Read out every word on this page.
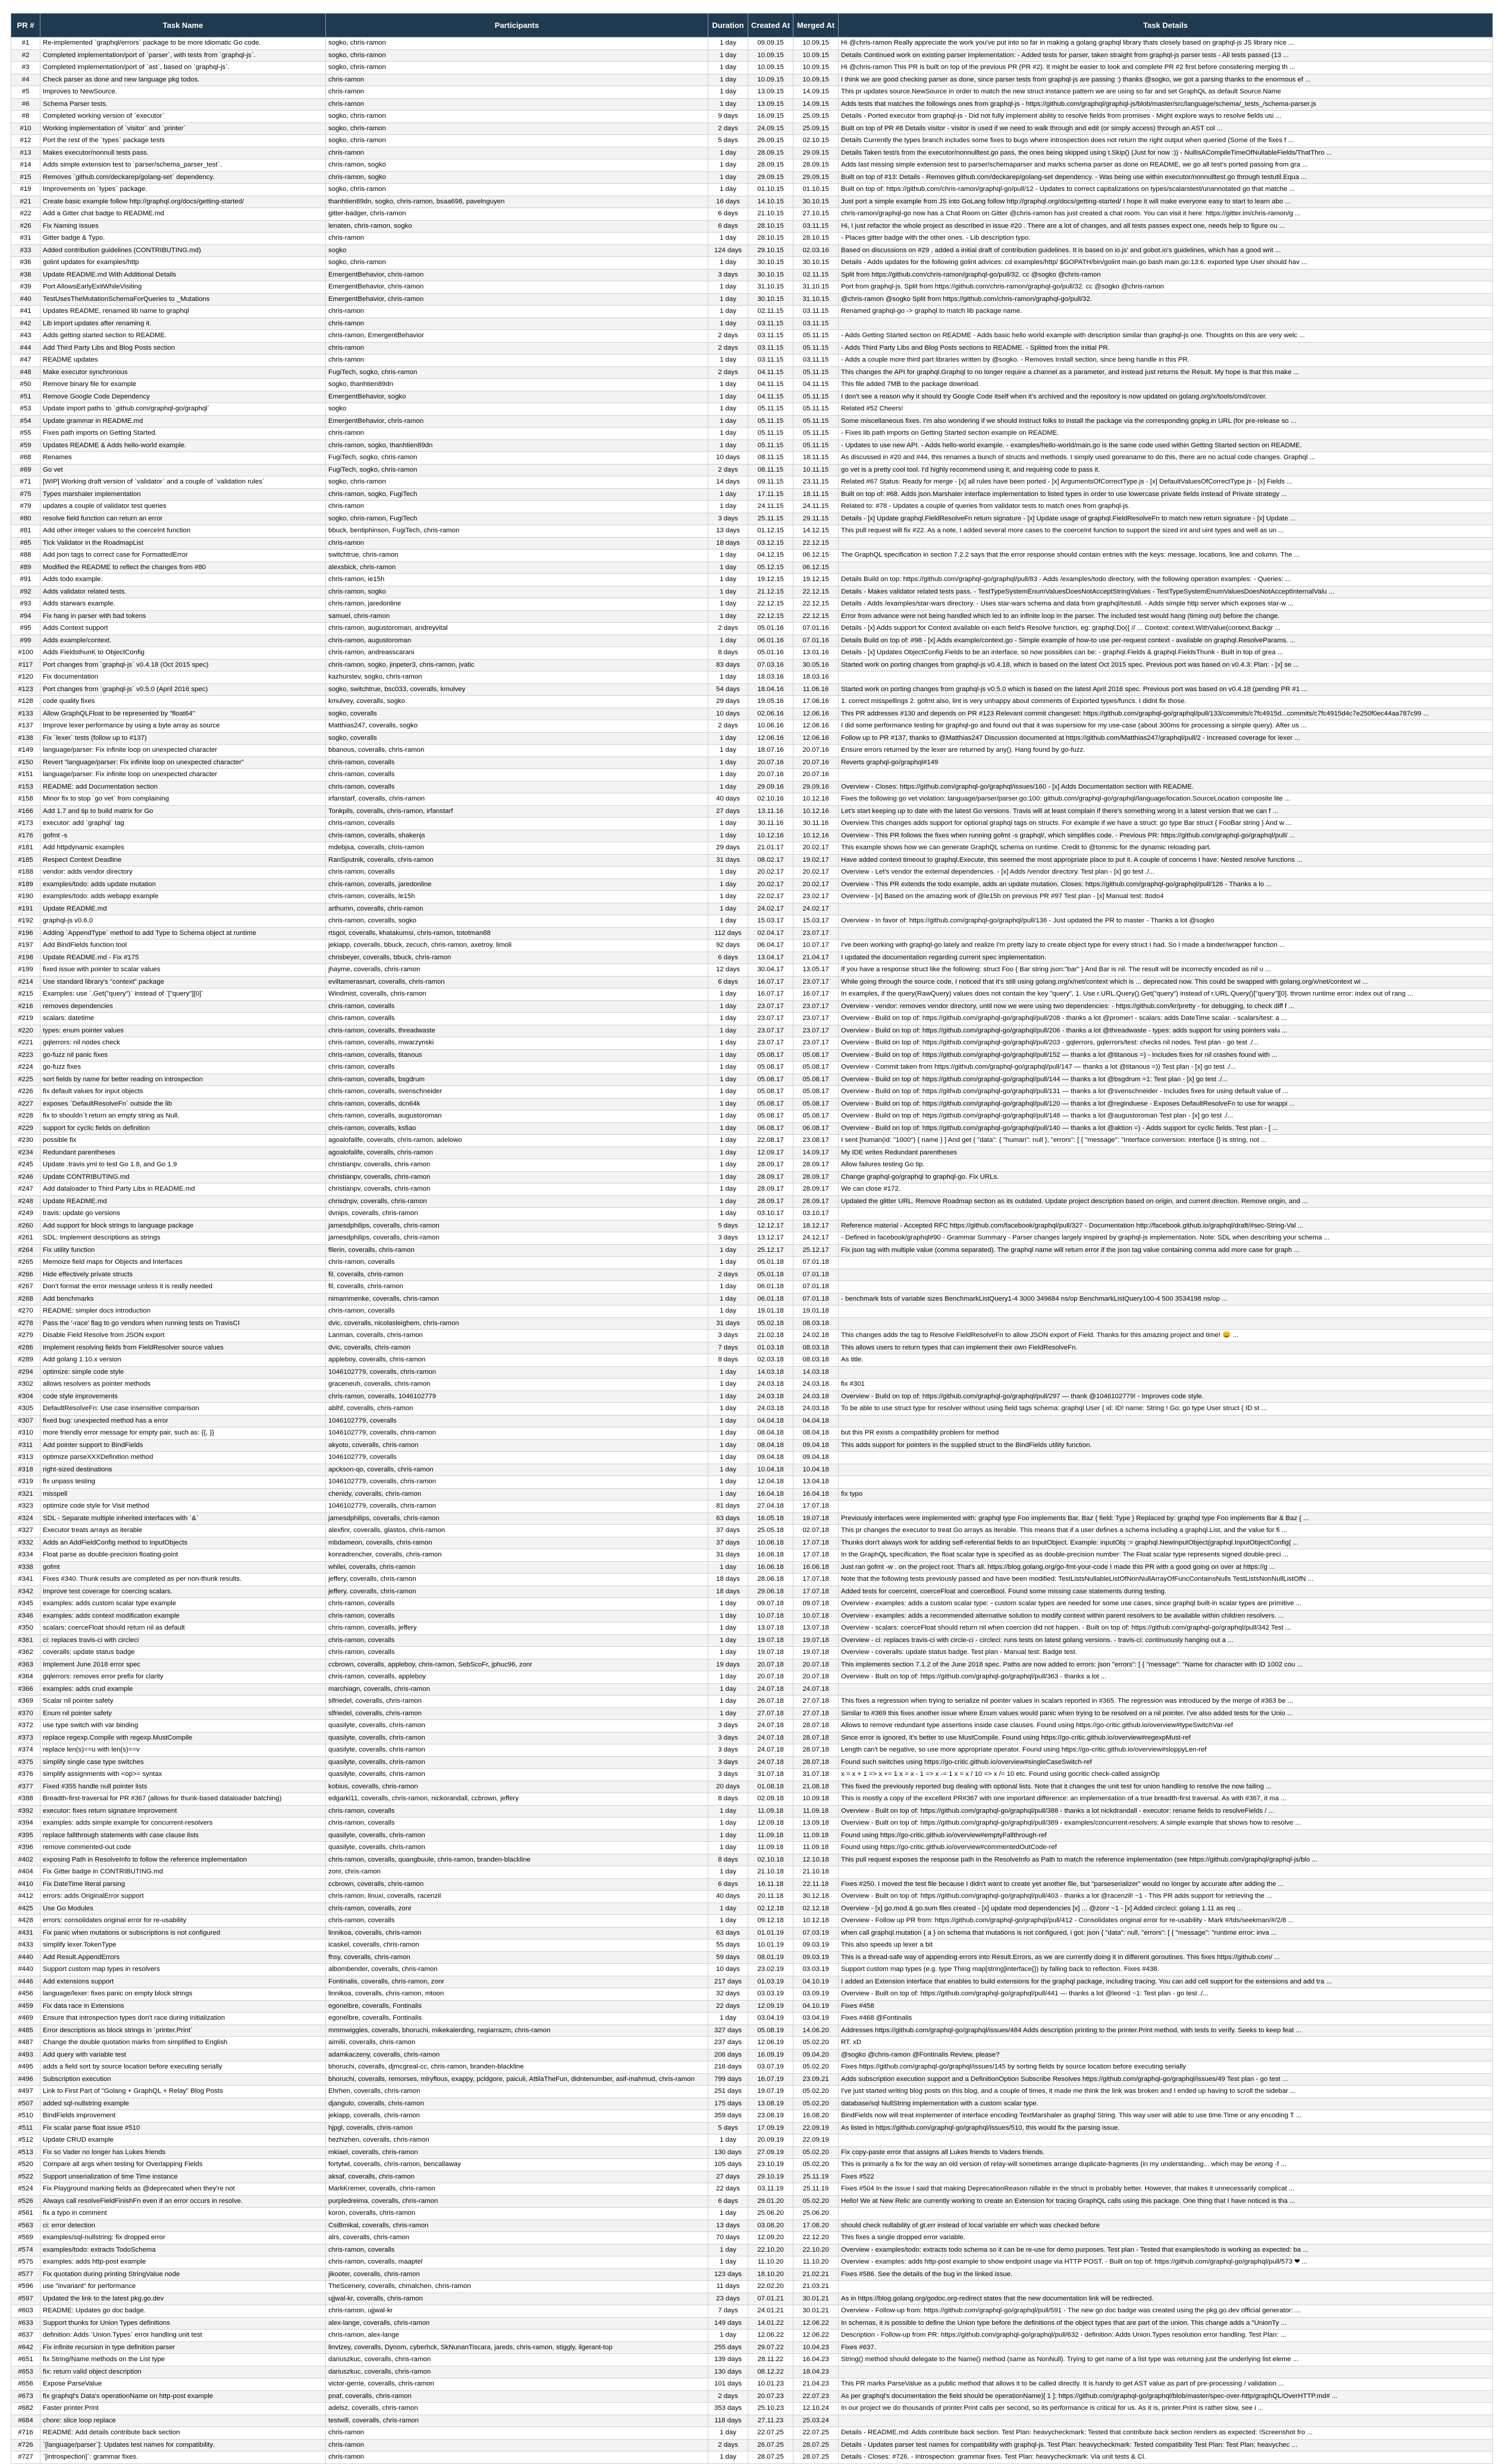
PR #	Task Name	Participants	Duration	Created At	Merged At	Task Details
#1	Re-implemented `graphql/errors` package to be more idiomatic Go code.	sogko, chris-ramon	1 day	09.09.15	10.09.15	Hi @chris-ramon Really appreciate the work you've put into so far in making a golang graphql library thats closely based on graphql-js JS library nice ...
#2	Completed implementation/port of `parser`, with tests from `graphql-js`.	sogko, chris-ramon	1 day	10.09.15	10.09.15	Details Continued work on existing parser implementation: - Added tests for parser, taken straight from graphql-js parser tests - All tests passed (13 ...
#3	Completed implementation/port of `ast`, based on `graphql-js`.	sogko, chris-ramon	1 day	10.09.15	10.09.15	Hi @chris-ramon This PR is built on top of the previous PR (PR #2). It might be easier to look and complete PR #2 first before considering merging th ...
#4	Check parser as done and new language pkg todos.	chris-ramon	1 day	10.09.15	10.09.15	I think we are good checking parser as done, since parser tests from graphql-js are passing :) thanks @sogko, we got a parsing thanks to the enormous ef ...
#5	Improves to NewSource.	chris-ramon	1 day	13.09.15	14.09.15	This pr updates source.NewSource in order to match the new struct instance pattern we are using so far and set GraphQL as default Source.Name
#6	Schema Parser tests.	chris-ramon	1 day	13.09.15	14.09.15	Adds tests that matches the followings ones from graphql-js - https://github.com/graphql/graphql-js/blob/master/src/language/schema/_tests_/schema-parser.js
#8	Completed working version of `executor`	sogko, chris-ramon	9 days	16.09.15	25.09.15	Details - Ported executor from graphql-js - Did not fully implement ability to resolve fields from promises - Might explore ways to resolve fields usi ...
#10	Working implementation of `visitor` and `printer`	sogko, chris-ramon	2 days	24.09.15	25.09.15	Built on top of PR #8 Details visitor - visitor is used if we need to walk through and edit (or simply access) through an AST col ...
#12	Port the rest of the `types` package tests	sogko, chris-ramon	5 days	26.09.15	02.10.15	Details Currently the types branch includes some fixes to bugs where introspection does not return the right output when queried (Some of the fixes f ...
#13	Makes executor/nonnull tests pass.	chris-ramon	1 day	28.09.15	29.09.15	Details Taken test/s from the executor/nonnulltest.go pass, the ones being skipped using t.Skip() (Just for now :)) - NullIsACompileTimeOfNullableFields/ThatThro ...
#14	Adds simple extension test to `parser/schema_parser_test`.	chris-ramon, sogko	1 day	28.09.15	28.09.15	Adds last missing simple extension test to parser/schemaparser and marks schema parser as done on README, we go all test's ported passing from gra ...
#15	Removes `github.com/deckarep/golang-set` dependency.	chris-ramon, sogko	1 day	29.09.15	29.09.15	Built on top of #13: Details - Removes github.com/deckarep/golang-set dependency. - Was being use within executor/nonnulltest.go through testutil.Equa ...
#19	Improvements on `types` package.	sogko, chris-ramon	1 day	01.10.15	01.10.15	Built on top of: https://github.com/chris-ramon/graphql-go/pull/12 - Updates to correct capitalizations on types/scalarstest/unannotated go that matche ...
#21	Create basic example follow http://graphql.org/docs/getting-started/	thanhtien89dn, sogko, chris-ramon, bsaa698, pavelnguyen	16 days	14.10.15	30.10.15	Just port a simple example from JS into GoLang follow http://graphql.org/docs/getting-started/ I hope it will make everyone easy to start to learn abo ...
#22	Add a Gitter chat badge to README.md	gitter-badger, chris-ramon	6 days	21.10.15	27.10.15	chris-ramon/graphql-go now has a Chat Room on Gitter @chris-ramon has just created a chat room. You can visit it here: https://gitter.im/chris-ramon/g ...
#26	Fix Naming Issues	lenaten, chris-ramon, sogko	6 days	28.10.15	03.11.15	Hi, I just refactor the whole project as described in issue #20 . There are a lot of changes, and all tests passes expect one, needs help to figure ou ...
#31	Gitter badge & Typo.	chris-ramon	1 day	28.10.15	28.10.15	- Places gitter badge with the other ones. - Lib description typo.
#33	Added contribution guidelines (CONTRIBUTING.md)	sogko	124 days	29.10.15	02.03.16	Based on discussions on #29 , added a initial draft of contribution guidelines. It is based on io.js' and gobot.io's guidelines, which has a good writ ...
#36	golint updates for examples/http	sogko, chris-ramon	1 day	30.10.15	30.10.15	Details - Adds updates for the following golint advices: cd examples/http/ $GOPATH/bin/golint main.go bash main.go:13:6: exported type User should hav ...
#38	Update README.md With Additional Details	EmergentBehavior, chris-ramon	3 days	30.10.15	02.11.15	Split from https://github.com/chris-ramon/graphql-go/pull/32. cc @sogko @chris-ramon
#39	Port AllowsEarlyExitWhileVisiting	EmergentBehavior, chris-ramon	1 day	31.10.15	31.10.15	Port from graphql-js. Split from https://github.com/chris-ramon/graphql-go/pull/32. cc @sogko @chris-ramon
#40	TestUsesTheMutationSchemaForQueries to _Mutations	EmergentBehavior, chris-ramon	1 day	30.10.15	31.10.15	@chris-ramon @sogko Split from https://github.com/chris-ramon/graphql-go/pull/32.
#41	Updates README, renamed lib name to graphql	chris-ramon	1 day	02.11.15	03.11.15	Renamed graphql-go -> graphql to match lib package name.
#42	Lib import updates after renaming it.	chris-ramon	1 day	03.11.15	03.11.15	
#43	Adds getting started section to README.	chris-ramon, EmergentBehavior	2 days	03.11.15	05.11.15	- Adds Getting Started section on README - Adds basic hello world example with description similar than graphql-js one. Thoughts on this are very welc ...
#44	Add Third Party Libs and Blog Posts section	chris-ramon	2 days	03.11.15	05.11.15	- Adds Third Party Libs and Blog Posts sections to README. - Splitted from the initial PR.
#47	README updates	chris-ramon	1 day	03.11.15	03.11.15	- Adds a couple more third part libraries written by @sogko. - Removes Install section, since being handle in this PR.
#48	Make executor synchronous	FugiTech, sogko, chris-ramon	2 days	04.11.15	05.11.15	This changes the API for graphql.Graphql to no longer require a channel as a parameter, and instead just returns the Result. My hope is that this make ...
#50	Remove binary file for example	sogko, thanhtien89dn	1 day	04.11.15	04.11.15	This file added 7MB to the package download.
#51	Remove Google Code Dependency	EmergentBehavior, sogko	1 day	04.11.15	05.11.15	I don't see a reason why it should try Google Code itself when it's archived and the repository is now updated on golang.org/x/tools/cmd/cover.
#53	Update import paths to `github.com/graphql-go/graphql`	sogko	1 day	05.11.15	05.11.15	Related #52 Cheers!
#54	Update grammar in README.md	EmergentBehavior, chris-ramon	1 day	05.11.15	05.11.15	Some miscellaneous fixes. I'm also wondering if we should instruct folks to install the package via the corresponding gopkg.in URL (for pre-release so ...
#55	Fixes path imports on Getting Started.	chris-ramon	1 day	05.11.15	05.11.15	- Fixes lib path imports on Getting Started section example on README.
#59	Updates README & Adds hello-world example.	chris-ramon, sogko, thanhtien89dn	1 day	05.11.15	05.11.15	- Updates to use new API. - Adds hello-world example. - examples/hello-world/main.go is the same code used within Getting Started section on README.
#68	Renames	FugiTech, sogko, chris-ramon	10 days	08.11.15	18.11.15	As discussed in #20 and #44, this renames a bunch of structs and methods. I simply used goreaname to do this, there are no actual code changes. Graphql ...
#69	Go vet	FugiTech, sogko, chris-ramon	2 days	08.11.15	10.11.15	go vet is a pretty cool tool. I'd highly recommend using it, and requiring code to pass it.
#71	[WIP] Working draft version of `validator` and a couple of `validation rules`	sogko, chris-ramon	14 days	09.11.15	23.11.15	Related #67 Status: Ready for merge - [x] all rules have been ported - [x] ArgumentsOfCorrectType.js - [x] DefaultValuesOfCorrectType.js - [x] Fields ...
#75	Types marshaler implementation	chris-ramon, sogko, FugiTech	1 day	17.11.15	18.11.15	Built on top of: #68. Adds json.Marshaler interface implementation to listed types in order to use lowercase private fields instead of Private strategy ...
#79	updates a couple of validator test queries	chris-ramon	1 day	24.11.15	24.11.15	Related to: #78 - Updates a couple of queries from validator tests to match ones from graphql-js.
#80	resolve field function can return an error	sogko, chris-ramon, FugiTech	3 days	25.11.15	29.11.15	Details - [x] Update graphql.FieldResolveFn return signature - [x] Update usage of graphql.FieldResolveFn to match new return signature - [x] Update ...
#81	Add other integer values to the coerceInt function	bbuck, bentiphinson, FugiTech, chris-ramon	13 days	01.12.15	14.12.15	This pull request will fix #22. As a note, I added several more cases to the coerceInt function to support the sized int and uint types and well as un ...
#85	Tick Validator in the RoadmapList	chris-ramon	18 days	03.12.15	22.12.15	
#88	Add json tags to correct case for FormattedError	switchtrue, chris-ramon	1 day	04.12.15	06.12.15	The GraphQL specification in section 7.2.2 says that the error response should contain entries with the keys: message, locations, line and column. The ...
#89	Modified the README to reflect the changes from #80	alexsbick, chris-ramon	1 day	05.12.15	06.12.15	
#91	Adds todo example.	chris-ramon, ie15h	1 day	19.12.15	19.12.15	Details Build on top: https://github.com/graphql-go/graphql/pull/83 - Adds /examples/todo directory, with the following operation examples: - Queries: ...
#92	Adds validator related tests.	chris-ramon, sogko	1 day	21.12.15	22.12.15	Details - Makes validator related tests pass. - TestTypeSystemEnumValuesDoesNotAcceptStringValues - TestTypeSystemEnumValuesDoesNotAcceptInternalValu ...
#93	Adds starwars example.	chris-ramon, jaredonline	1 day	22.12.15	22.12.15	Details - Adds /examples/star-wars directory. - Uses star-wars schema and data from graphql/testutil. - Adds simple http server which exposes star-w ...
#94	Fix hang in parser with bad tokens	samuel, chris-ramon	1 day	22.12.15	22.12.15	Error from advance were not being handled which led to an infinite loop in the parser. The included test would hang (timing out) before the change.
#95	Adds Context support	chris-ramon, augustoroman, andreyvital	2 days	05.01.16	07.01.16	Details - [x] Adds support for Context available on each field's Resolve function, eg: graphql.Do({ // ... Context: context.WithValue(context.Backgr ...
#99	Adds example/context.	chris-ramon, augustoroman	1 day	06.01.16	07.01.16	Details Build on top of: #98 - [x] Adds example/context.go - Simple example of how-to use per-request context - available on graphql.ResolveParams. ...
#100	Adds FieldsthunK to ObjectConfig	chris-ramon, andreasscarani	8 days	05.01.16	13.01.16	Details - [x] Updates ObjectConfig.Fields to be an interface, so now possibles can be: - graphql.Fields & graphql.FieldsThunk - Built in top of grea ...
#117	Port changes from `graphql-js` v0.4.18 (Oct 2015 spec)	chris-ramon, sogko, jinpeter3, chris-ramon, jvatic	83 days	07.03.16	30.05.16	Started work on porting changes from graphql-js v0.4.18, which is based on the latest Oct 2015 spec. Previous port was based on v0.4.3: Plan: - [x] se ...
#120	Fix documentation	kazhurstev, sogko, chris-ramon	1 day	18.03.16	18.03.16	
#123	Port changes from `graphql-js` v0.5.0 (April 2016 spec)	sogko, switchtrue, bsc033, coveralls, kmulvey	54 days	18.04.16	11.06.16	Started work on porting changes from graphql-js v0.5.0 which is based on the latest April 2016 spec. Previous port was based on v0.4.18 (pending PR #1 ...
#128	code quality fixes	kmulvey, coveralls, sogko	29 days	19.05.16	17.06.16	1. correct misspellings 2. gofmt also, lint is very unhappy about comments of Exported types/funcs. I didnt fix those.
#133	Allow GraphQLFloat to be represented by "float64"	sogko, coveralls	10 days	02.06.16	12.06.16	This PR addresses #130 and depends on PR #123 Relevant commit changeset: https://github.com/graphql-go/graphql/pull/133/commits/c7fc4915d...commits/c7fc4915d4c7e250f0ec44aa787c99 ...
#137	Improve lexer performance by using a byte array as source	Matthias247, coveralls, sogko	2 days	10.06.16	12.06.16	I did some performance testing for graphql-go and found out that it was supersiow for my use-case (about 300ms for processing a simple query). After us ...
#138	Fix `lexer` tests (follow up to #137)	sogko, coveralls	1 day	12.06.16	12.06.16	Follow up to PR #137, thanks to @Matthias247 Discussion documented at https://github.com/Matthias247/graphql/pull/2 - Increased coverage for lexer ...
#149	language/parser: Fix infinite loop on unexpected character	bbanous, coveralls, chris-ramon	1 day	18.07.16	20.07.16	Ensure errors returned by the lexer are returned by any(). Hang found by go-fuzz.
#150	Revert "language/parser: Fix infinite loop on unexpected character"	chris-ramon, coveralls	1 day	20.07.16	20.07.16	Reverts graphql-go/graphql#149
#151	language/parser: Fix infinite loop on unexpected character	chris-ramon, coveralls	1 day	20.07.16	20.07.16	
#153	README: add Documentation section	chris-ramon, coveralls	1 day	29.09.16	29.09.16	Overview - Closes: https://github.com/graphql-go/graphql/issues/160 - [x] Adds Documentation section with README.
#158	Minor fix to stop `go vet` from complaining	irfanstarf, coveralls, chris-ramon	40 days	02.10.16	10.12.16	Fixes the following go vet violation: language/parser/parser.go:100: github.com/graphql-go/graphql/language/location.SourceLocation composite lite ...
#166	Add 1.7 and tip to build matrix for Go	Tonkpils, coveralls, chris-ramon, irfanstarf	27 days	13.11.16	10.12.16	Let's start keeping up to date with the latest Go versions. Travis will at least complain if there's something wrong in a latest version that we can f ...
#173	executor: add `graphql` tag	chris-ramon, coveralls	1 day	30.11.16	30.11.16	Overview This changes adds support for optional graphql tags on structs. For example if we have a struct: go type Bar struct { FooBar string } And w ...
#176	gofmt -s	chris-ramon, coveralls, shakenjs	1 day	10.12.16	10.12.16	Overview - This PR follows the fixes when running gofmt -s graphql/, which simplifies code. - Previous PR: https://github.com/graphql-go/graphql/pull/ ...
#181	Add httpdynamic examples	mdebjsa, coveralls, chris-ramon	29 days	21.01.17	20.02.17	This example shows how we can generate GraphQL schema on runtime. Credit to @tommic for the dynamic reloading part.
#185	Respect Context Deadline	RanSputnik, coveralls, chris-ramon	31 days	08.02.17	19.02.17	Have added context timeout to graphql.Execute, this seemed the most appropriate place to put it. A couple of concerns I have: Nested resolve functions ...
#188	vendor: adds vendor directory	chris-ramon, coveralls	1 day	20.02.17	20.02.17	Overview - Let's vendor the external dependencies. - [x] Adds /vendor directory. Test plan - [x] go test ./...
#189	examples/todo: adds update mutation	chris-ramon, coveralls, jaredonline	1 day	20.02.17	20.02.17	Overview - This PR extends the todo example, adds an update mutation. Closes: https://github.com/graphql-go/graphql/pull/126 - Thanks a lo ...
#190	examples/todo: adds webapp example	chris-ramon, coveralls, le15h	1 day	22.02.17	23.02.17	Overview - [x] Based on the amazing work of @le15h on previous PR #97 Test plan - [x] Manual test: ttodo4
#191	Update README.md	arthumn, coveralls, chris-ramon	1 day	24.02.17	24.02.17	
#192	graphql-js v0.6.0	chris-ramon, coveralls, sogko	1 day	15.03.17	15.03.17	Overview - In favor of: https://github.com/graphql-go/graphql/pull/136 - Just updated the PR to master - Thanks a lot @sogko
#196	Adding `AppendType` method to add Type to Schema object at runtime	rtsgol, coveralls, khatakumsi, chris-ramon, tototman88	112 days	02.04.17	23.07.17	
#197	Add BindFields function tool	jekiapp, coveralls, bbuck, zecuch, chris-ramon, axetroy, limoli	92 days	06.04.17	10.07.17	I've been working with graphql-go lately and realize I'm pretty lazy to create object type for every struct I had. So I made a binder/wrapper function ...
#198	Update README.md - Fix #175	chrisbeyer, coveralls, bbuck, chris-ramon	6 days	13.04.17	21.04.17	I updated the documentation regarding current spec implementation.
#199	fixed issue with pointer to scalar values	jhayme, coveralls, chris-ramon	12 days	30.04.17	13.05.17	If you have a response struct like the following: struct Foo { Bar string json:"bar" } And Bar is nil. The result will be incorrectly encoded as nil u ...
#214	Use standard library's "context" package	eviltamerasnart, coveralls, chris-ramon	6 days	16.07.17	23.07.17	While going through the source code, I noticed that it's still using golang.org/x/net/context which is ... deprecated now. This could be swapped with golang.org/x/net/context wi ...
#215	Examples: use `.Get("query")` instead of `["query"][0]`	Windmist, coveralls, chris-ramon	1 day	16.07.17	16.07.17	In examples, if the query(RawQuery) values does not contain the key "query", 1. Use r.URL.Query().Get("query") instead of r.URL.Query()["query"][0]. thrown runtime error: index out of rang ...
#216	removes dependencies	chris-ramon, coveralls	1 day	23.07.17	23.07.17	Overview - vendor: removes vendor directory, until now we were using two dependencies: - https://github.com/kr/pretty - for debugging, to check diff f ...
#219	scalars: datetime	chris-ramon, coveralls	1 day	23.07.17	23.07.17	Overview - Build on top of: https://github.com/graphql-go/graphql/pull/208 - thanks a lot @promer! - scalars: adds DateTime scalar. - scalars/test: a ...
#220	types: enum pointer values	chris-ramon, coveralls, threadwaste	1 day	23.07.17	23.07.17	Overview - Build on top of: https://github.com/graphql-go/graphql/pull/206 - thanks a lot @threadwaste - types: adds support for using pointers valu ...
#221	gqlerrors: nil nodes check	chris-ramon, coveralls, mwarzynski	1 day	23.07.17	23.07.17	Overview - Build on top of: https://github.com/graphql-go/graphql/pull/203 - gqlerrors, gqlerrors/test: checks nil nodes. Test plan - go test ./...
#223	go-fuzz nil panic fixes	chris-ramon, coveralls, titanous	1 day	05.08.17	05.08.17	Overview - Build on top of: https://github.com/graphql-go/graphql/pull/152 — thanks a lot @titanous =) - Includes fixes for nil crashes found with ...
#224	go-fuzz fixes	chris-ramon, coveralls	1 day	05.08.17	05.08.17	Overview - Commit taken from https://github.com/graphql-go/graphql/pull/147 — thanks a lot @titanous =)) Test plan - [x] go test ./...
#225	sort fields by name for better reading on introspection	chris-ramon, coveralls, bsgdrum	1 day	05.08.17	05.08.17	Overview - Build on top of: https://github.com/graphql-go/graphql/pull/144 — thanks a lot @bsgdrum =1: Test plan - [x] go test ./...
#226	fix default values for input objects	chris-ramon, coveralls, svenschneider	1 day	05.08.17	05.08.17	Overview - Build on top of: https://github.com/graphql-go/graphql/pull/131 — thanks a lot @svenschneider - Includes fixes for using default value of ...
#227	exposes `DefaultResolveFn` outside the lib	chris-ramon, coveralls, dcn64k	1 day	05.08.17	05.08.17	Overview - Build on top of: https://github.com/graphql-go/graphql/pull/120 — thanks a lot @reginduese - Exposes DefaultResolveFn to use for wrappi ...
#228	fix to shouldn`t return an empty string as Null.	chris-ramon, coveralls, augustoroman	1 day	05.08.17	05.08.17	Overview - Build on top of: https://github.com/graphql-go/graphql/pull/148 — thanks a lot @augustoroman Test plan - [x] go test ./...
#229	support for cyclic fields on definition	chris-ramon, coveralls, ksfiao	1 day	06.08.17	06.08.17	Overview - Build on top of: https://github.com/graphql-go/graphql/pull/140 — thanks a lot @aktion =) - Adds support for cyclic fields. Test plan - [ ...
#230	possible fix	agoalofalife, coveralls, chris-ramon, adelowo	1 day	22.08.17	23.08.17	I sent [human(id: "1000") { name } ] And get { "data": { "human": null }, "errors": [ { "message": "Interface conversion: interface {} is string, not ...
#234	Redundant parentheses	agoalofalife, coveralls, chris-ramon	1 day	12.09.17	14.09.17	My IDE writes Redundant parentheses
#245	Update .travis.yml to test Go 1.8, and Go 1.9	christianpv, coveralls, chris-ramon	1 day	28.09.17	28.09.17	Allow failures testing Go tip.
#246	Update CONTRIBUTING.md	christianpv, coveralls, chris-ramon	1 day	28.09.17	28.09.17	Change graphql-go/graphql to graphql-go. Fix URLs.
#247	Add dataloader to Third Party Libs in README.md	christianpv, coveralls, chris-ramon	1 day	28.09.17	28.09.17	We can close #172.
#248	Update README.md	chrisdnpv, coveralls, chris-ramon	1 day	28.09.17	28.09.17	Updated the glitter URL. Remove Roadmap section as its outdated. Update project description based on origin, and current direction. Remove origin, and ...
#249	travis: update go versions	dvnips, coveralls, chris-ramon	1 day	03.10.17	03.10.17	
#260	Add support for block strings to language package	jamesdphilips, coveralls, chris-ramon	5 days	12.12.17	18.12.17	Reference material - Accepted RFC https://github.com/facebook/graphql/pull/327 - Documentation http://facebook.github.io/graphql/draft/#sec-String-Val ...
#261	SDL: Implement descriptions as strings	jamesdphilips, coveralls, chris-ramon	3 days	13.12.17	24.12.17	- Defined in facebook/graphql#90 - Grammar Summary - Parser changes largely inspired by graphql-js implementation. Note: SDL when describing your schema ...
#264	Fix utility function	fllerin, coveralls, chris-ramon	1 day	25.12.17	25.12.17	Fix json tag with multiple value (comma separated). The graphql name will return error if the json tag value containing comma add more case for graph ...
#265	Memoize field maps for Objects and Interfaces	chris-ramon, coveralls	1 day	05.01.18	07.01.18	
#266	Hide effectively private structs	fil, coveralls, chris-ramon	2 days	05.01.18	07.01.18	
#267	Don't format the error message unless it is really needed	fil, coveralls, chris-ramon	1 day	06.01.18	07.01.18	
#268	Add benchmarks	nimammenke, coveralls, chris-ramon	1 day	06.01.18	07.01.18	- benchmark lists of variable sizes BenchmarkListQuery1-4 3000 349684 ns/op BenchmarkListQuery100-4 500 3534198 ns/op ...
#270	README: simpler docs introduction	chris-ramon, coveralls	1 day	19.01.18	19.01.18	
#278	Pass the '-race' flag to go vendors when running tests on TravisCI	dvic, coveralls, nicolasleighem, chris-ramon	31 days	05.02.18	08.03.18	
#279	Disable Field Resolve from JSON export	Lanman, coveralls, chris-ramon	3 days	21.02.18	24.02.18	This changes adds the tag to Resolve FieldResolveFn to allow JSON export of Field. Thanks for this amazing project and time! 😄 ...
#286	Implement resolving fields from FieldResolver source values	dvic, coveralls, chris-ramon	7 days	01.03.18	08.03.18	This allows users to return types that can implement their own FieldResolveFn.
#289	Add golang 1.10.x version	appleboy, coveralls, chris-ramon	8 days	02.03.18	08.03.18	As title.
#294	optimize: simple code style	1046102779, coveralls, chris-ramon	1 day	14.03.18	14.03.18	
#302	allows resolvers as pointer methods	graceneuh, coveralls, chris-ramon	1 day	24.03.18	24.03.18	fix #301
#304	code style improvements	chris-ramon, coveralls, 1046102779	1 day	24.03.18	24.03.18	Overview - Build on top of: https://github.com/graphql-go/graphql/pull/297 — thank @1046102779! - Improves code style.
#305	DefaultResolveFn: Use case insensitive comparison	ablhf, coveralls, chris-ramon	1 day	24.03.18	24.03.18	To be able to use struct type for resolver without using field tags schema: graphql User { id: ID! name: String ! Go: go type User struct { ID st ...
#307	fixed bug: unexpected method has a error	1046102779, coveralls	1 day	04.04.18	04.04.18	
#310	more friendly error message for empty pair, such as: {{, }}	1046102779, coveralls, chris-ramon	1 day	08.04.18	08.04.18	but this PR exists a compatibility problem for method
#311	Add pointer support to BindFields	akyoto, coveralls, chris-ramon	1 day	08.04.18	09.04.18	This adds support for pointers in the supplied struct to the BindFields utility function.
#313	optimize parseXXXDefinition method	1046102779, coveralls	1 day	09.04.18	09.04.18	
#318	right-sized destinations	apckson-qo, coveralls, chris-ramon	1 day	10.04.18	10.04.18	
#319	fix unpass testing	1046102779, coveralls, chris-ramon	1 day	12.04.18	13.04.18	
#321	misspell	chenidy, coveralls, chris-ramon	1 day	16.04.18	16.04.18	fix typo
#323	optimize code style for Visit method	1046102779, coveralls, chris-ramon	81 days	27.04.18	17.07.18	
#324	SDL - Separate multiple inherited interfaces with `&`	jamesdphilips, coveralls, chris-ramon	63 days	16.05.18	19.07.18	Previously interfaces were implemented with: graphql type Foo implements Bar, Baz { field: Type } Replaced by: graphql type Foo implements Bar & Baz { ...
#327	Executor treats arrays as iterable	alexfinr, coveralls, glastos, chris-ramon	37 days	25.05.18	02.07.18	This pr changes the executor to treat Go arrays as iterable. This means that if a user defines a schema including a graphql.List, and the value for fi ...
#332	Adds an AddFieldConfig method to InputObjects	mbdameon, coveralls, chris-ramon	37 days	10.06.18	17.07.18	Thunks don't always work for adding self-referential fields to an InputObject. Example: inputObj := graphql.NewInputObject(graphql.InputObjectConfig{ ...
#334	Float parse as double-precision floating-point	konradrencher, coveralls, chris-ramon	31 days	16.06.18	17.07.18	In the GraphQL specification, the float scalar type is specified as as double-precision number: The Float scalar type represents signed double-preci ...
#338	gofmt	whilei, coveralls, chris-ramon	1 day	16.06.18	16.06.18	Just ran gofmt -w . on the project root. That's all. https://blog.golang.org/go-fmt-your-code I made this PR with a good going on over at https://g ...
#341	Fixes #340. Thunk results are completed as per non-thunk results.	jeffery, coveralls, chris-ramon	18 days	28.06.18	17.07.18	Note that the following tests previously passed and have been modified: TestListsNullableListOfNonNullArrayOfFuncContainsNulls TestListsNonNullListOfN ...
#342	Improve test coverage for coercing scalars.	jeffery, coveralls, chris-ramon	18 days	29.06.18	17.07.18	Added tests for coerceInt, coerceFloat and coerceBool. Found some missing case statements during testing.
#345	examples: adds custom scalar type example	chris-ramon, coveralls	1 day	09.07.18	09.07.18	Overview - examples: adds a custom scalar type: - custom scalar types are needed for some use cases, since graphql built-in scalar types are primitive ...
#346	examples: adds context modification example	chris-ramon, coveralls	1 day	10.07.18	10.07.18	Overview - examples: adds a recommended alternative solution to modify context within parent resolvers to be available within children resolvers. ...
#350	scalars: coerceFloat should return nil as default	chris-ramon, coveralls, jeffery	1 day	13.07.18	13.07.18	Overview - scalars: coerceFloat should return nil when coercion did not happen. - Built on top of: https://github.com/graphql-go/graphql/pull/342 Test ...
#361	ci: replaces travis-ci with circleci	chris-ramon, coveralls	1 day	19.07.18	19.07.18	Overview - ci: replaces travis-ci with circle-ci - circleci: runs tests on latest golang versions. - travis-ci: continuously hanging out a ...
#362	coveralls: update status badge	chris-ramon, coveralls	1 day	19.07.18	19.07.18	Overview - coveralls: update status badge. Test plan - Manual test: Badge test.
#363	Implement June 2018 error spec	ccbrown, coveralls, appleboy, chris-ramon, SebScoFr, jphuc96, zonr	19 days	20.07.18	20.07.18	This implements section 7.1.2 of the June 2018 spec. Paths are now added to errors: json "errors": [ { "message": "Name for character with ID 1002 cou ...
#364	gqlerrors: removes error prefix for clarity	chris-ramon, coveralls, appleboy	1 day	20.07.18	20.07.18	Overview - Built on top of: https://github.com/graphql-go/graphql/pull/363 - thanks a lot ...
#366	examples: adds crud example	marchiagn, coveralls, chris-ramon	1 day	24.07.18	24.07.18	
#369	Scalar nil pointer safety	slfriedel, coveralls, chris-ramon	1 day	26.07.18	27.07.18	This fixes a regression when trying to serialize nil pointer values in scalars reported in #365. The regression was introduced by the merge of #363 be ...
#370	Enum nil pointer safety	slfriedel, coveralls, chris-ramon	1 day	27.07.18	27.07.18	Similar to #369 this fixes another issue where Enum values would panic when trying to be resolved on a nil pointer. I've also added tests for the Unio ...
#372	use type switch with var binding	quasilyte, coveralls, chris-ramon	3 days	24.07.18	28.07.18	Allows to remove redundant type assertions inside case clauses. Found using https://go-critic.github.io/overview#typeSwitchVar-ref
#373	replace regexp.Compile with regexp.MustCompile	quasilyte, coveralls, chris-ramon	3 days	24.07.18	28.07.18	Since error is ignored, it's better to use MustCompile. Found using https://go-critic.github.io/overview#regexpMust-ref
#374	replace len(s)==u with len(s)==v	quasilyte, coveralls, chris-ramon	3 days	24.07.18	28.07.18	Length can't be negative, so use more appropriate operator. Found using https://go-critic.github.io/overview#sloppyLen-ref
#375	simplify single case type switches	quasilyte, coveralls, chris-ramon	3 days	24.07.18	28.07.18	Found such switches using https://go-critic.github.io/overview#singleCaseSwitch-ref
#376	simplify assignments with <op>= syntax	quasilyte, coveralls, chris-ramon	3 days	31.07.18	31.07.18	x = x + 1 => x += 1 x = x - 1 => x -= 1 x = x / 10 => x /= 10 etc. Found using gocritic check-called assignOp
#377	Fixed #355 handle null pointer lists	kobius, coveralls, chris-ramon	20 days	01.08.18	21.08.18	This fixed the previously reported bug dealing with optional lists. Note that it changes the unit test for union handling to resolve the now failing ...
#388	Breadth-first-traversal for PR #367 (allows for thunk-based dataloader batching)	edgarkl11, coveralls, chris-ramon, nickorandall, ccbrown, jeffery	8 days	02.09.18	10.09.18	This is mostly a copy of the excellent PR#367 with one important difference: an implementation of a true breadth-first traversal. As with #367, it ma ...
#392	executor: fixes return signature improvement	chris-ramon, coveralls	1 day	11.09.18	11.09.18	Overview - Built on top of: https://github.com/graphql-go/graphql/pull/388 - thanks a lot nickdrandall - executor: rename fields to resolveFields / ...
#394	examples: adds simple example for concurrent-resolvers	chris-ramon, coveralls	1 day	12.09.18	13.09.18	Overview - Built on top of: https://github.com/graphql-go/graphql/pull/389 - examples/concurrent-resolvers: A simple example that shows how to resolve ...
#395	replace fallthrough statements with case clause lists	quasilyte, coveralls, chris-ramon	1 day	11.09.18	11.09.18	Found using https://go-critic.github.io/overview#emptyFallthrough-ref
#396	remove commented-out code	quasilyte, coveralls, chris-ramon	1 day	11.09.18	11.09.18	Found using https://go-critic.github.io/overview#commentedOutCode-ref
#402	exposing Path in ResolveInfo to follow the reference implementation	chris-ramon, coveralls, quangbuule, chris-ramon, branden-blackline	8 days	02.10.18	12.10.18	This pull request exposes the response path in the ResolveInfo as Path to match the reference implementation (see https://github.com/graphql/graphql-js/blo ...
#404	Fix Gitter badge in CONTRIBUTING.md	zonr, chris-ramon	1 day	21.10.18	21.10.18	
#410	Fix DateTime literal parsing	ccbrown, coveralls, chris-ramon	6 days	16.11.18	22.11.18	Fixes #250. I moved the test file because I didn't want to create yet another file, but "parseserializer" would no longer by accurate after adding the ...
#412	errors: adds OriginalError support	chris-ramon, linuxi, coveralls, racenzil	40 days	20.11.18	30.12.18	Overview - Built on top of: https://github.com/graphql-go/graphql/pull/403 - thanks a lot @racenzil! ~1 - This PR adds support for retrieving the ...
#425	Use Go Modules	chris-ramon, coveralls, zonr	1 day	02.12.18	02.12.18	Overview - [x] go.mod & go.sum files created - [x] update mod dependencies [x] ... @zonr ~1 - [x] Added circleci: golang 1.11 as req ...
#428	errors: consolidates original error for re-usability	chris-ramon, coveralls	1 day	09.12.18	10.12.18	Overview - Follow up PR from: https://github.com/graphql-go/graphql/pull/412 - Consolidates original error for re-usability - Mark #/tds/seekman/#/2/8 ...
#431	Fix panic when mutations or subscriptions is not configured	linnikoa, coveralls, chris-ramon	63 days	01.01.19	07.03.19	when call graphql.mutation { a } on schema that mutations is not configured, i got: json { "data": null, "errors": [ { "message": "runtime error: inva ...
#433	simplify lexer.TokenType	icaskel, coveralls, chris-ramon	55 days	10.01.19	09.03.19	This also speeds up lexer a bit
#440	Add Result.AppendErrors	fhsy, coveralls, chris-ramon	59 days	08.01.19	09.03.19	This is a thread-safe way of appending errors into Result.Errors, as we are currently doing it in different goroutines. This fixes https://github.com/ ...
#440	Support custom map types in resolvers	albombender, coveralls, chris-ramon	10 days	23.02.19	03.03.19	Support custom map types (e.g. type Thing map[string]interface{}) by falling back to reflection. Fixes #438.
#446	Add extensions support	Fontinalis, coveralls, chris-ramon, zonr	217 days	01.03.19	04.10.19	I added an Extension interface that enables to build extensions for the graphql package, including tracing. You can add cell support for the extensions and add tra ...
#456	language/lexer: fixes panic on empty block strings	linnikoa, coveralls, chris-ramon, mtoon	32 days	03.03.19	03.09.19	Overview - Built on top of: https://github.com/graphql-go/graphql/pull/441 — thanks a lot @leonid ~1: Test plan - go test ./...
#459	Fix data race in Extensions	egonelbre, coveralls, Fontinalis	22 days	12.09.19	04.10.19	Fixes #458
#469	Ensure that introspection types don't race during initialization	egonelbre, coveralls, Fontinalis	1 day	03.04.19	03.04.19	Fixes #468 @Fontinalis
#485	Error descriptions as block strings in `printer.Print`	mmmwiggles, coveralls, bhoruchi, mikekalerding, rwgiarrazm, chris-ramon	327 days	05.08.19	14.06.20	Addresses https://github.com/graphql-go/graphql/issues/484 Adds description printing to the printer.Print method, with tests to verify. Seeks to keep feat ...
#487	Change the double quotation marks from simplified to English	aimilii, coveralls, chris-ramon	237 days	12.06.19	05.02.20	RT. xD
#493	Add query with variable test	adamkaczeny, coveralls, chris-ramon	206 days	16.09.19	09.04.20	@sogko @chris-ramon @Fontinalis Review, please?
#495	adds a field sort by source location before executing serially	bhoruchi, coveralls, djmcgreal-cc, chris-ramon, branden-blackline	216 days	03.07.19	05.02.20	Fixes https://github.com/graphql-go/graphql/issues/145 by sorting fields by source location before executing serially
#496	Subscription execution	bhoruchi, coveralls, remorses, mlryflous, exappy, pcldgore, paiculi, AttilaTheFun, didntenumber, asif-mahmud, chris-ramon	799 days	16.07.19	23.09.21	Adds subscription execution support and a DefinitionOption Subscribe Resolves https://github.com/graphql-go/graphql/issues/49 Test plan - go test ...
#497	Link to First Part of "Golang + GraphQL + Relay" Blog Posts	Ehrhen, coveralls, chris-ramon	251 days	19.07.19	05.02.20	I've just started writing blog posts on this blog, and a couple of times, it made me think the link was broken and I ended up having to scroll the sidebar ...
#507	added sql-nullstring example	djangulo, coveralls, chris-ramon	175 days	13.08.19	05.02.20	database/sql NullString implementation with a custom scalar type.
#510	BindFields improvement	jekiapp, coveralls, chris-ramon	359 days	23.08.19	16.08.20	BindFields now will treat implementer of interface encoding TextMarshaler as graphql String. This way user will able to use time.Time or any encoding T ...
#511	Fix scalar parse float issue #510	hjpgl, coveralls, chris-ramon	5 days	17.09.19	22.09.19	As listed in https://github.com/graphql-go/graphql/issues/510, this would fix the parsing issue.
#512	Update CRUD example	hezhizhen, coveralls, chris-ramon	1 day	20.09.19	22.09.19	
#513	Fix so Vader no longer has Lukes friends	mkiael, coveralls, chris-ramon	130 days	27.09.19	05.02.20	Fix copy-paste error that assigns all Lukes friends to Vaders friends.
#520	Compare all args when testing for Overlapping Fields	fortytwl, coveralls, chris-ramon, bencallaway	105 days	23.10.19	05.02.20	This is primarily a fix for the way an old version of relay-will sometimes arrange duplicate-fragments (in my understanding... which may be wrong -f ...
#522	Support unserialization of time Time instance	aksaf, coveralls, chris-ramon	27 days	29.10.19	25.11.19	Fixes #522
#524	Fix Playground marking fields as @deprecated when they're not	MarkKremer, coveralls, chris-ramon	22 days	03.11.19	25.11.19	Fixes #504 In the issue I said that making DeprecationReason nillable in the struct is probably better. However, that makes it unnecessarily complicat ...
#526	Always call resolveFieldFinishFn even if an error occurs in resolve.	purpledreima, coveralls, chris-ramon	6 days	29.01.20	05.02.20	Hello! We at New Relic are currently working to create an Extension for tracing GraphQL calls using this package. One thing that I have noticed is tha ...
#561	fix a typo in comment	koron, coveralls, chris-ramon	1 day	25.06.20	25.06.20	
#563	ci: error detection	CsiBmikal, coveralls, chris-ramon	13 days	03.08.20	17.08.20	should check nullability of gt.err instead of local variable err which was checked before
#569	examples/sql-nullstring: fix dropped error	alrs, coveralls, chris-ramon	70 days	12.09.20	22.12.20	This fixes a single dropped error variable.
#574	examples/todo: extracts TodoSchema	chris-ramon, coveralls	1 day	22.10.20	22.10.20	Overview - examples/todo: extracts todo schema so it can be re-use for demo purposes. Test plan - Tested that examples/todo is working as expected: ba ...
#575	examples: adds http-post example	chris-ramon, coveralls, maaptel	1 day	11.10.20	11.10.20	Overview - examples: adds http-post example to show endpoint usage via HTTP POST. - Built on top of: https://github.com/graphql-go/graphql/pull/573 ❤ ...
#577	Fix quotation during printing StringValue node	jikooter, coveralls, chris-ramon	123 days	18.10.20	21.02.21	Fixes #586. See the details of the bug in the linked issue.
#596	use "invariant" for performance	TheScenery, coveralls, chmalchen, chris-ramon	11 days	22.02.20	21.03.21	
#597	Updated the link to the latest pkg.go.dev	ujjwal-kr, coveralls, chris-ramon	23 days	07.01.21	30.01.21	As in https://blog.golang.org/godoc.org-redirect states that the new documentation link will be redirected.
#603	README: Updates go doc badge.	chris-ramon, ujjwal-kr	7 days	24.01.21	30.01.21	Overview - Follow-up from: https://github.com/graphql-go/graphql/pull/591 - The new go doc badge was created using the pkg.go.dev official generator: ...
#633	Support thunks for Union Types definitions	alex-lange, coveralls, chris-ramon	149 days	14.01.22	12.06.22	In schemas, it is possible to define the Union type before the definitions of the object types that are part of the union. This change adds a "UnionTy ...
#637	definition: Adds `Union.Types` error handling unit test	chris-ramon, alex-lange	1 day	12.06.22	12.06.22	Description - Follow-up from PR: https://github.com/graphql-go/graphql/pull/632 - definition: Adds Union.Types resolution error handling. Test Plan: ...
#642	Fix infinite recursion in type definition parser	linvtzey, coveralls, Dynom, cyberhck, SkNunanTiscara, jareds, chris-ramon, stiggly, ilgerant-top	255 days	29.07.22	10.04.23	Fixes #637.
#651	fix String/Name methods on the List type	dariuszkuc, coveralls, chris-ramon	139 days	28.11.22	16.04.23	String() method should delegate to the Name() method (same as NonNull). Trying to get name of a list type was returning just the underlying list eleme ...
#653	fix: return valid object description	dariuszkuc, coveralls, chris-ramon	130 days	08.12.22	18.04.23	
#656	Expose ParseValue	victor-gerrie, coveralls, chris-ramon	101 days	10.01.23	21.04.23	This PR marks ParseValue as a public method that allows it to be called directly. It is handy to get AST value as part of pre-processing / validation ...
#673	fix graphql's Data's operationName on http-post example	pnaf, coveralls, chris-ramon	2 days	20.07.23	22.07.23	As per graphql's documentation the field should be operationName)[ 1 ]: https://github.com/graphql-go/graphql/blob/master/spec-over-http/graphQL/OverHTTP.md# ...
#682	Faster printer.Print	adelsz, coveralls, chris-ramon	353 days	25.10.23	12.10.24	In our project we do thousands of printer.Print calls per second, so its performance is critical for us. As it is, printer.Print is rather slow, see i ...
#684	chore: slice loop replace	testwill, coveralls, chris-ramon	118 days	27.11.23	25.03.24	
#716	README: Add details contribute back section	chris-ramon	1 day	22.07.25	22.07.25	Details - README.md: Adds contribute back section. Test Plan: heavycheckmark: Tested that contribute back section renders as expected: !Screenshot fro ...
#726	`[language/parser`]: Updates test names for compatibility.	chris-ramon	2 days	26.07.25	28.07.25	Details - Updates parser test names for compatibility with graphql-js. Test Plan: heavycheckmark: Tested compatibility Test Plan: Test Plan: heavychec ...
#727	`[introspection]`: grammar fixes.	chris-ramon	1 day	28.07.25	28.07.25	Details - Closes: #726. - Introspection: grammar fixes. Test Plan: heavycheckmark: Via unit tests & CI.
